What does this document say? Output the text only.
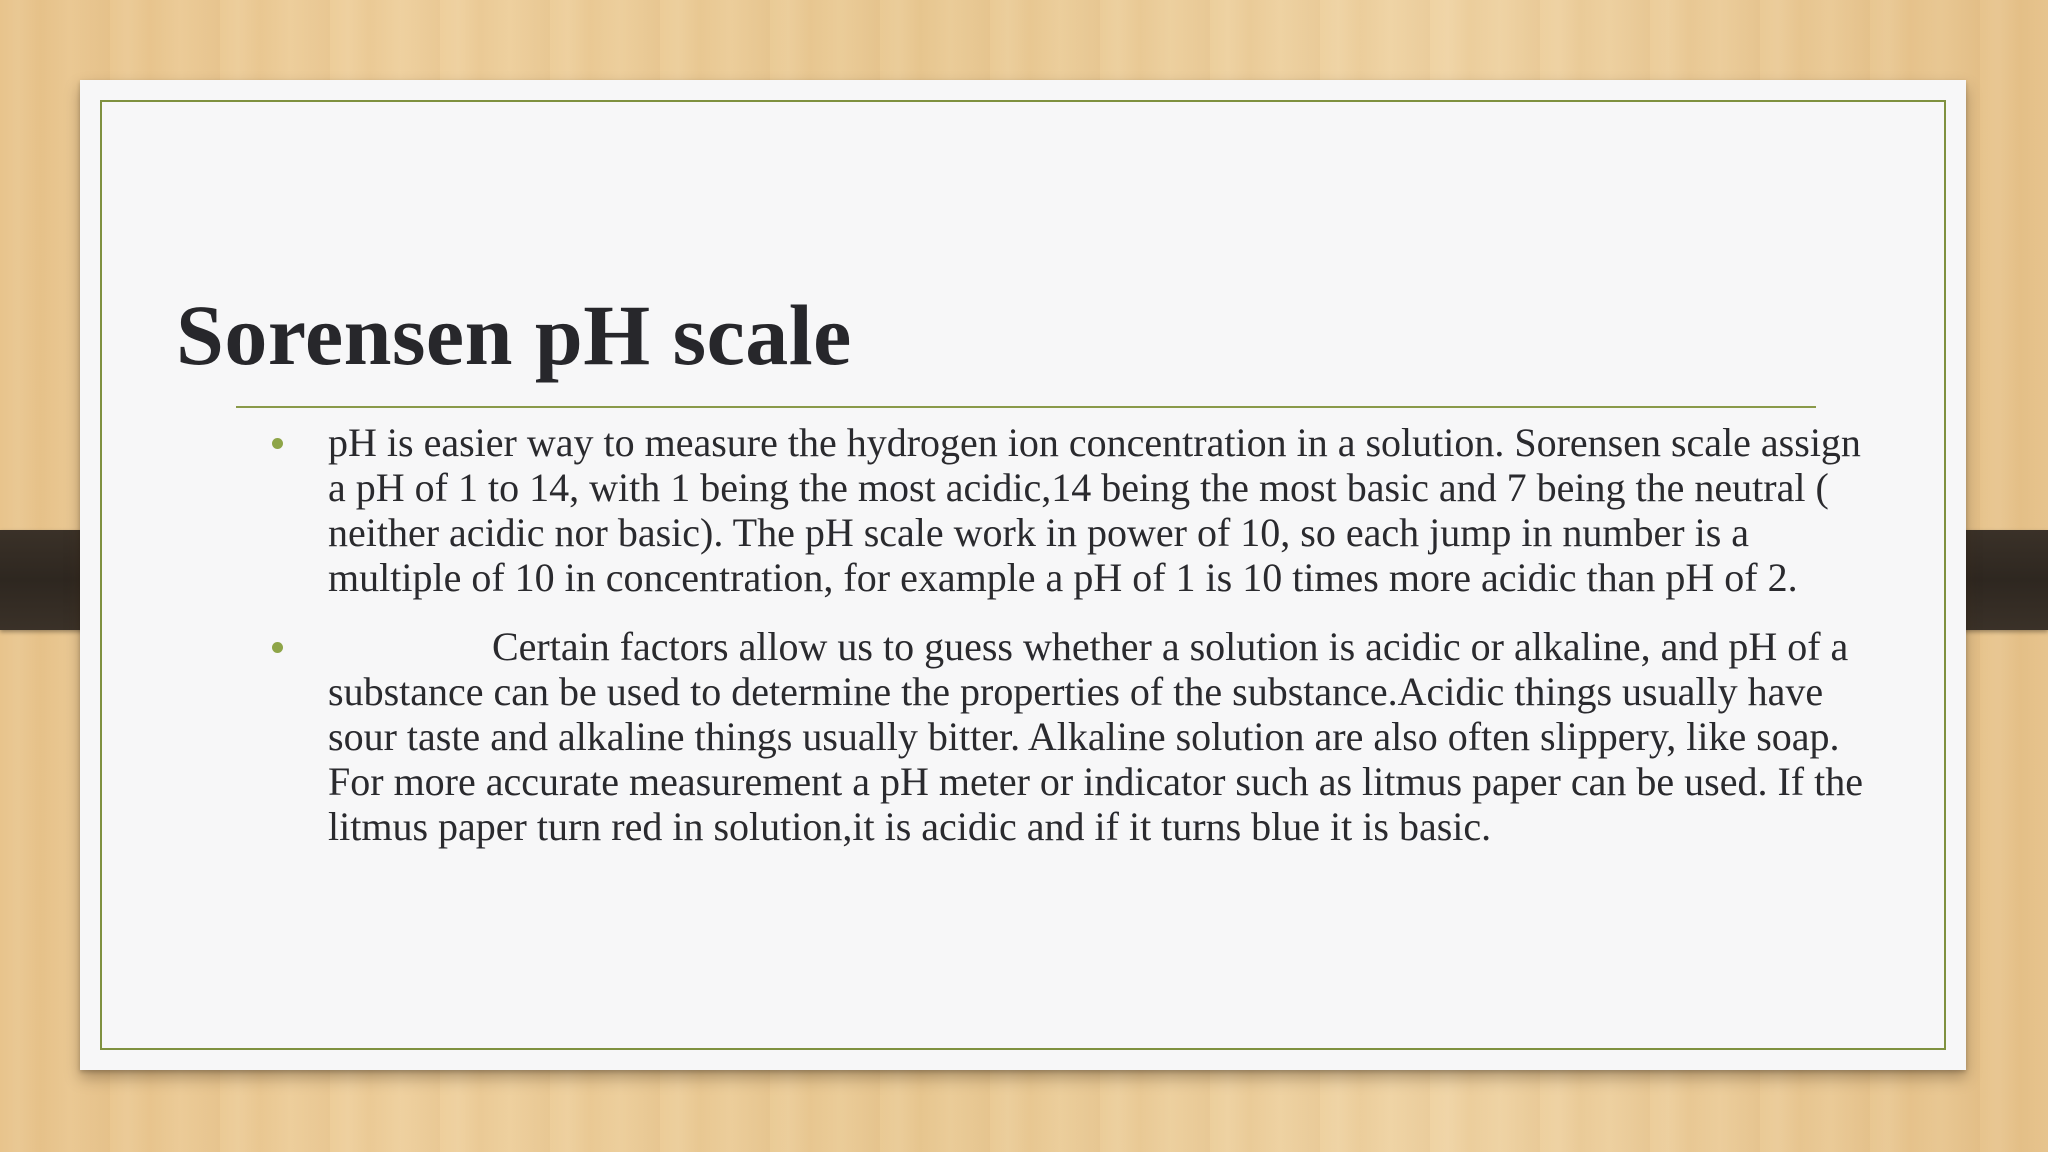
Sorensen pH scale
pH is easier way to measure the hydrogen ion concentration in a solution. Sorensen scale assign a pH of 1 to 14, with 1 being the most acidic,14 being the most basic and 7 being the neutral ( neither acidic nor basic). The pH scale work in power of 10, so each jump in number is a multiple of 10 in concentration, for example a pH of 1 is 10 times more acidic than pH of 2.
Certain factors allow us to guess whether a solution is acidic or alkaline, and pH of a substance can be used to determine the properties of the substance.Acidic things usually have sour taste and alkaline things usually bitter. Alkaline solution are also often slippery, like soap. For more accurate measurement a pH meter or indicator such as litmus paper can be used. If the litmus paper turn red in solution,it is acidic and if it turns blue it is basic.
